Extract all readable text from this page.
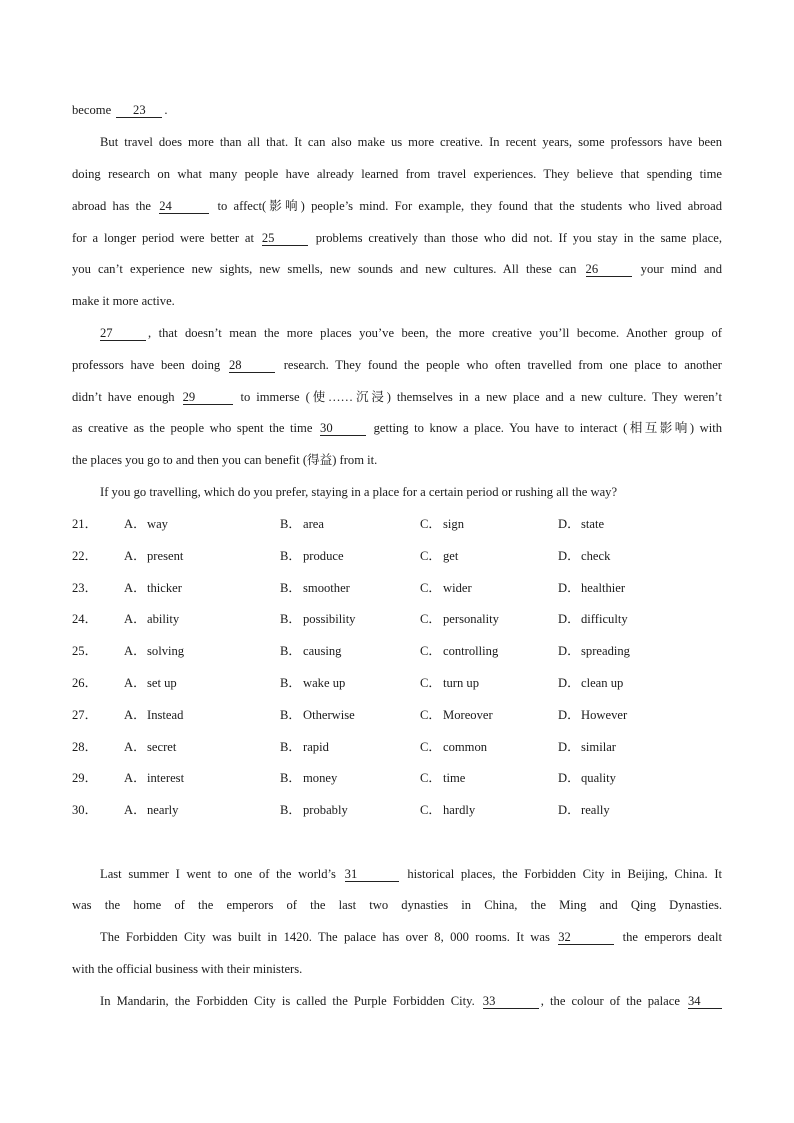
become 23 .
But travel does more than all that. It can also make us more creative. In recent years, some professors have been
doing research on what many people have already learned from travel experiences. They believe that spending time
abroad has the 24	to affect(影响) people’s mind. For example, they found that the students who lived abroad
for a longer period were better at 25	problems creatively than those who did not. If you stay in the same place,
you can’t experience new sights, new smells, new sounds and new cultures. All these can 26	your mind and
make it more active.
27	, that doesn’t mean the more places you’ve been, the more creative you’ll become. Another group of
professors have been doing 28	research. They found the people who often travelled from one place to another
didn’t have enough 29	to immerse (使……沉浸) themselves in a new place and a new culture. They weren’t
as creative as the people who spent the time 30	getting to know a place. You have to interact (相互影响) with
the places you go to and then you can benefit (得益) from it.
If you go travelling, which do you prefer, staying in a place for a certain period or rushing all the way?
21． A．way	B． area	C． sign	D．state
22． A．present	B． produce	C． get	D．check
23． A．thicker	B． smoother	C． wider	D．healthier
24． A．ability	B． possibility	C． personality	D．difficulty
25． A．solving	B． causing	C． controlling	D．spreading
26． A．set up	B． wake up	C． turn up	D．clean up
27． A．Instead	B． Otherwise	C． Moreover	D．However
28． A．secret	B． rapid	C． common	D．similar
29． A．interest	B． money	C． time	D．quality
30． A．nearly	B． probably	C． hardly	D．really
Last summer I went to one of the world’s 31	historical places, the Forbidden City in Beijing, China. It
was the home of the emperors of the last two dynasties in China, the Ming and Qing Dynasties.
The Forbidden City was built in 1420. The palace has over 8, 000 rooms. It was 32	the emperors dealt
with the official business with their ministers.
In Mandarin, the Forbidden City is called the Purple Forbidden City. 33	, the colour of the palace 34
